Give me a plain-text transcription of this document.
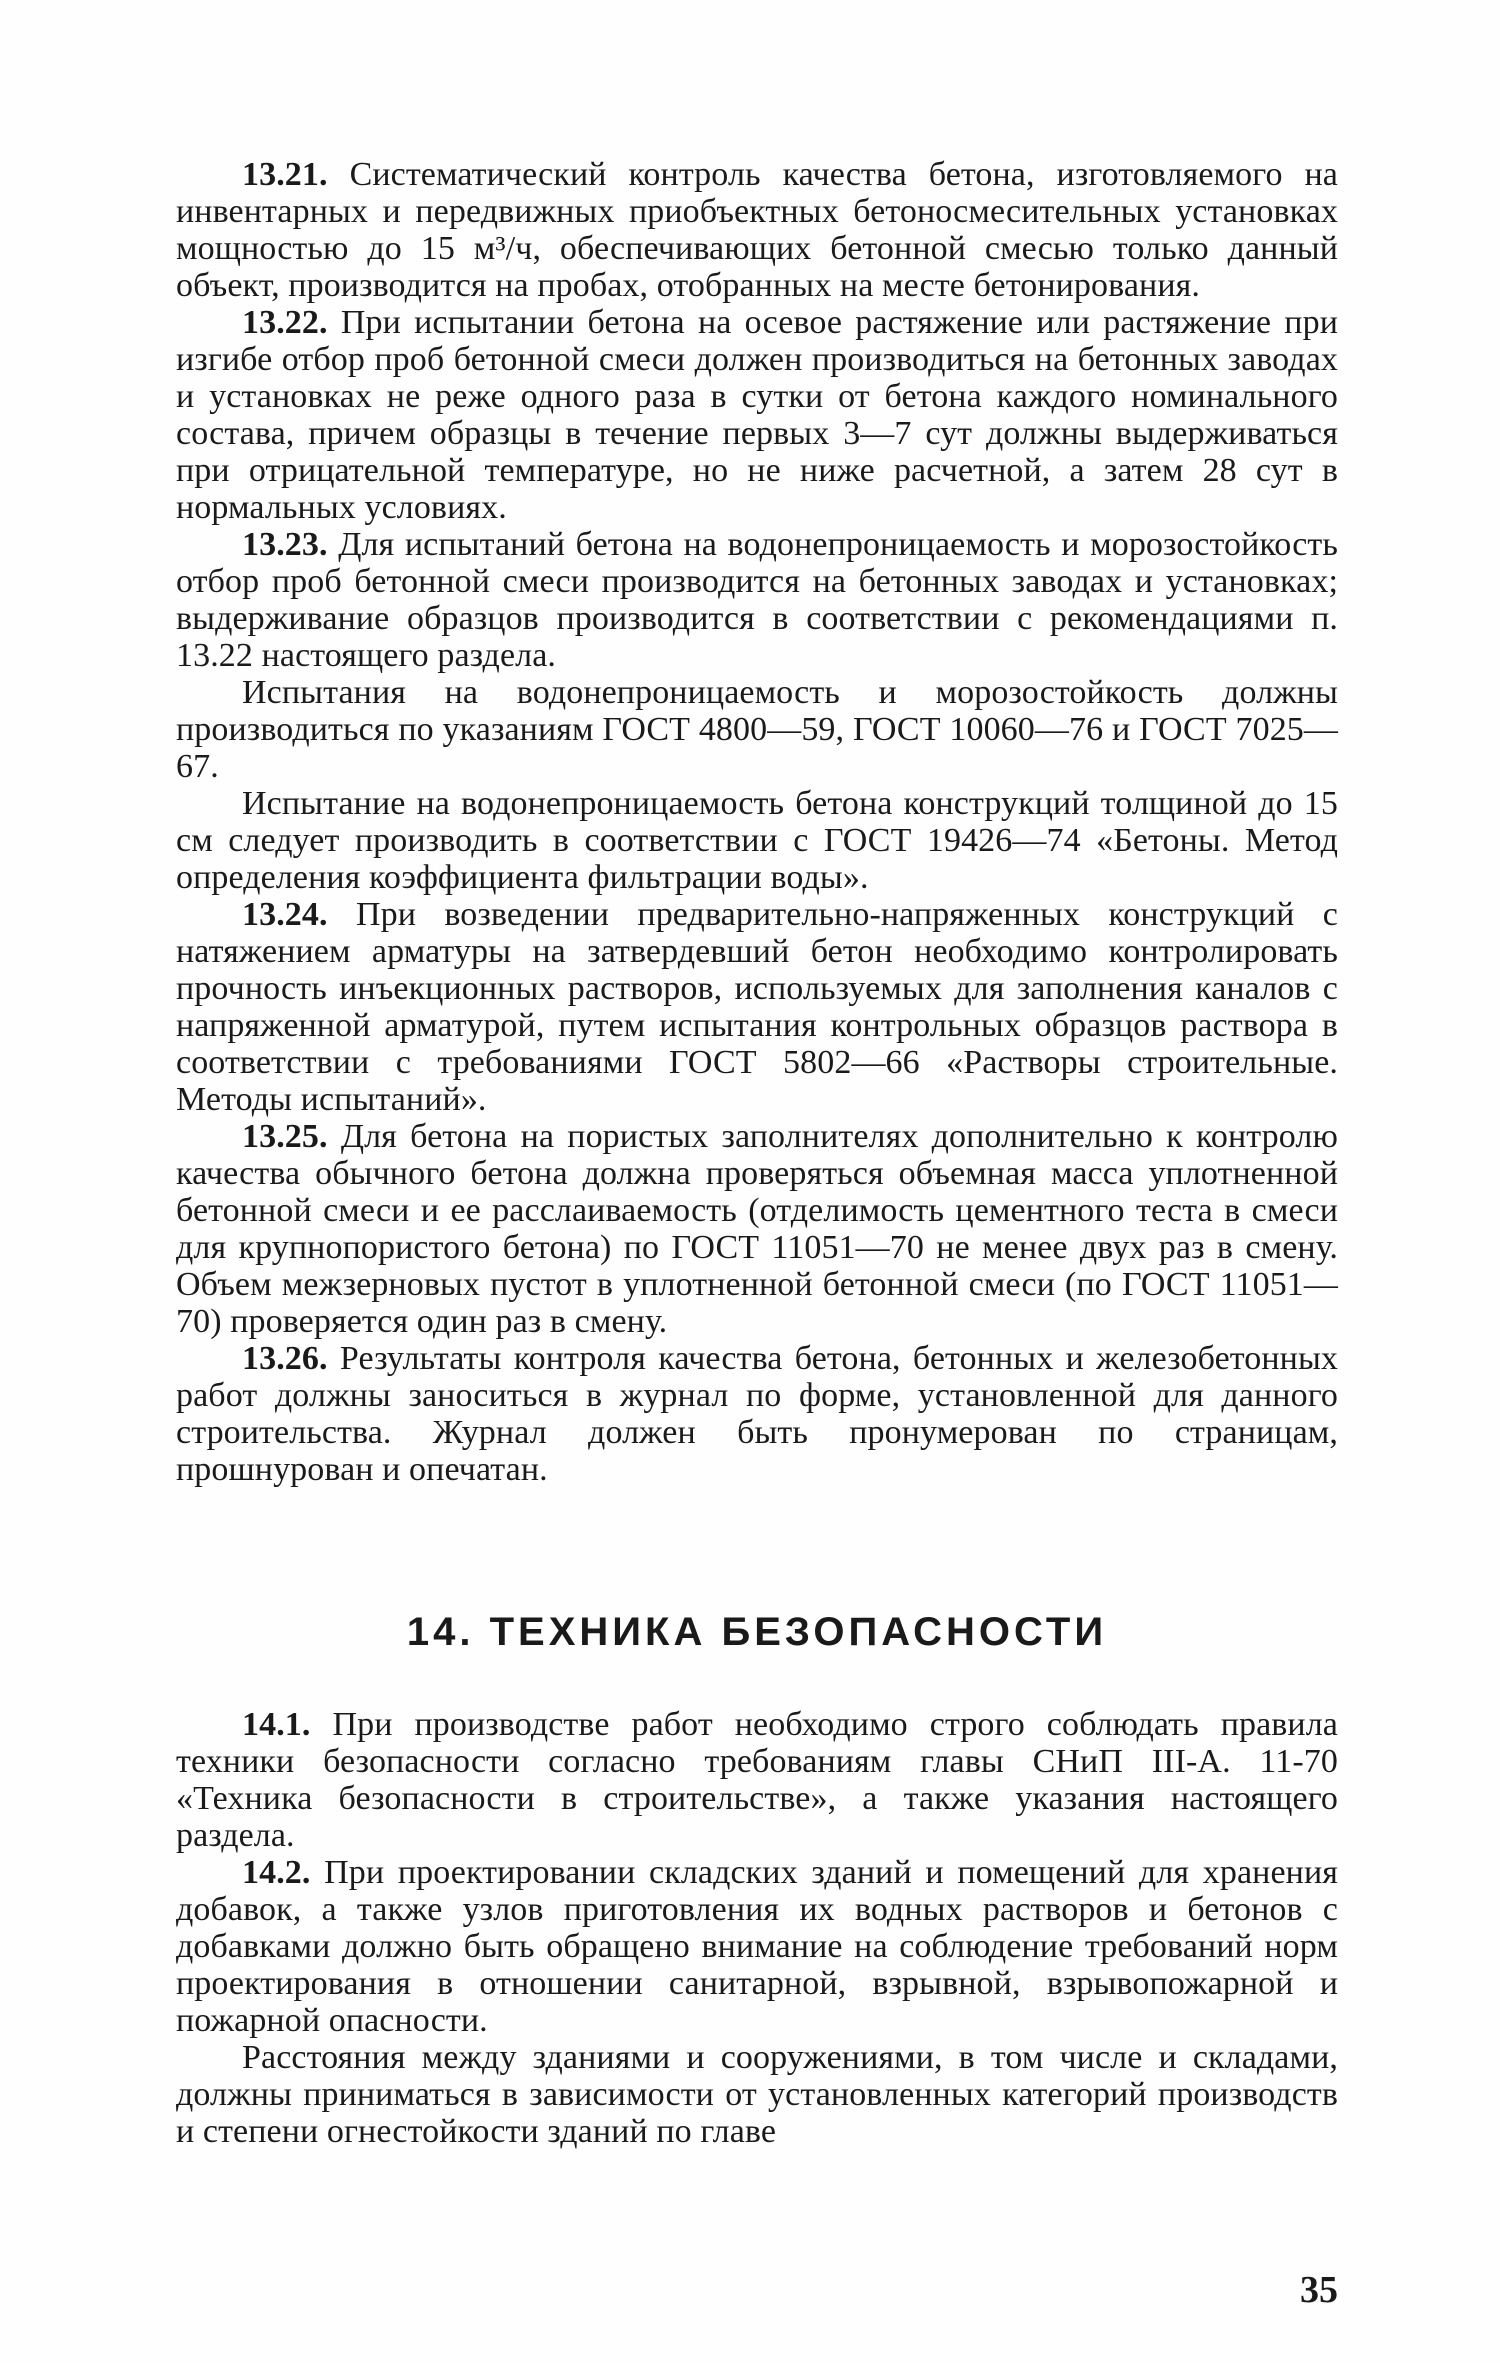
13.21. Систематический контроль качества бетона, изготовляемого на инвентарных и передвижных приобъектных бетоносмесительных установках мощностью до 15 м³/ч, обеспечивающих бетонной смесью только данный объект, производится на пробах, отобранных на месте бетонирования.

13.22. При испытании бетона на осевое растяжение или растяжение при изгибе отбор проб бетонной смеси должен производиться на бетонных заводах и установках не реже одного раза в сутки от бетона каждого номинального состава, причем образцы в течение первых 3—7 сут должны выдерживаться при отрицательной температуре, но не ниже расчетной, а затем 28 сут в нормальных условиях.

13.23. Для испытаний бетона на водонепроницаемость и морозостойкость отбор проб бетонной смеси производится на бетонных заводах и установках; выдерживание образцов производится в соответствии с рекомендациями п. 13.22 настоящего раздела.

Испытания на водонепроницаемость и морозостойкость должны производиться по указаниям ГОСТ 4800—59, ГОСТ 10060—76 и ГОСТ 7025—67.

Испытание на водонепроницаемость бетона конструкций толщиной до 15 см следует производить в соответствии с ГОСТ 19426—74 «Бетоны. Метод определения коэффициента фильтрации воды».

13.24. При возведении предварительно-напряженных конструкций с натяжением арматуры на затвердевший бетон необходимо контролировать прочность инъекционных растворов, используемых для заполнения каналов с напряженной арматурой, путем испытания контрольных образцов раствора в соответствии с требованиями ГОСТ 5802—66 «Растворы строительные. Методы испытаний».

13.25. Для бетона на пористых заполнителях дополнительно к контролю качества обычного бетона должна проверяться объемная масса уплотненной бетонной смеси и ее расслаиваемость (отделимость цементного теста в смеси для крупнопористого бетона) по ГОСТ 11051—70 не менее двух раз в смену. Объем межзерновых пустот в уплотненной бетонной смеси (по ГОСТ 11051—70) проверяется один раз в смену.

13.26. Результаты контроля качества бетона, бетонных и железобетонных работ должны заноситься в журнал по форме, установленной для данного строительства. Журнал должен быть пронумерован по страницам, прошнурован и опечатан.

14. ТЕХНИКА БЕЗОПАСНОСТИ

14.1. При производстве работ необходимо строго соблюдать правила техники безопасности согласно требованиям главы СНиП III-А. 11-70 «Техника безопасности в строительстве», а также указания настоящего раздела.

14.2. При проектировании складских зданий и помещений для хранения добавок, а также узлов приготовления их водных растворов и бетонов с добавками должно быть обращено внимание на соблюдение требований норм проектирования в отношении санитарной, взрывной, взрывопожарной и пожарной опасности.

Расстояния между зданиями и сооружениями, в том числе и складами, должны приниматься в зависимости от установленных категорий производств и степени огнестойкости зданий по главе

35
